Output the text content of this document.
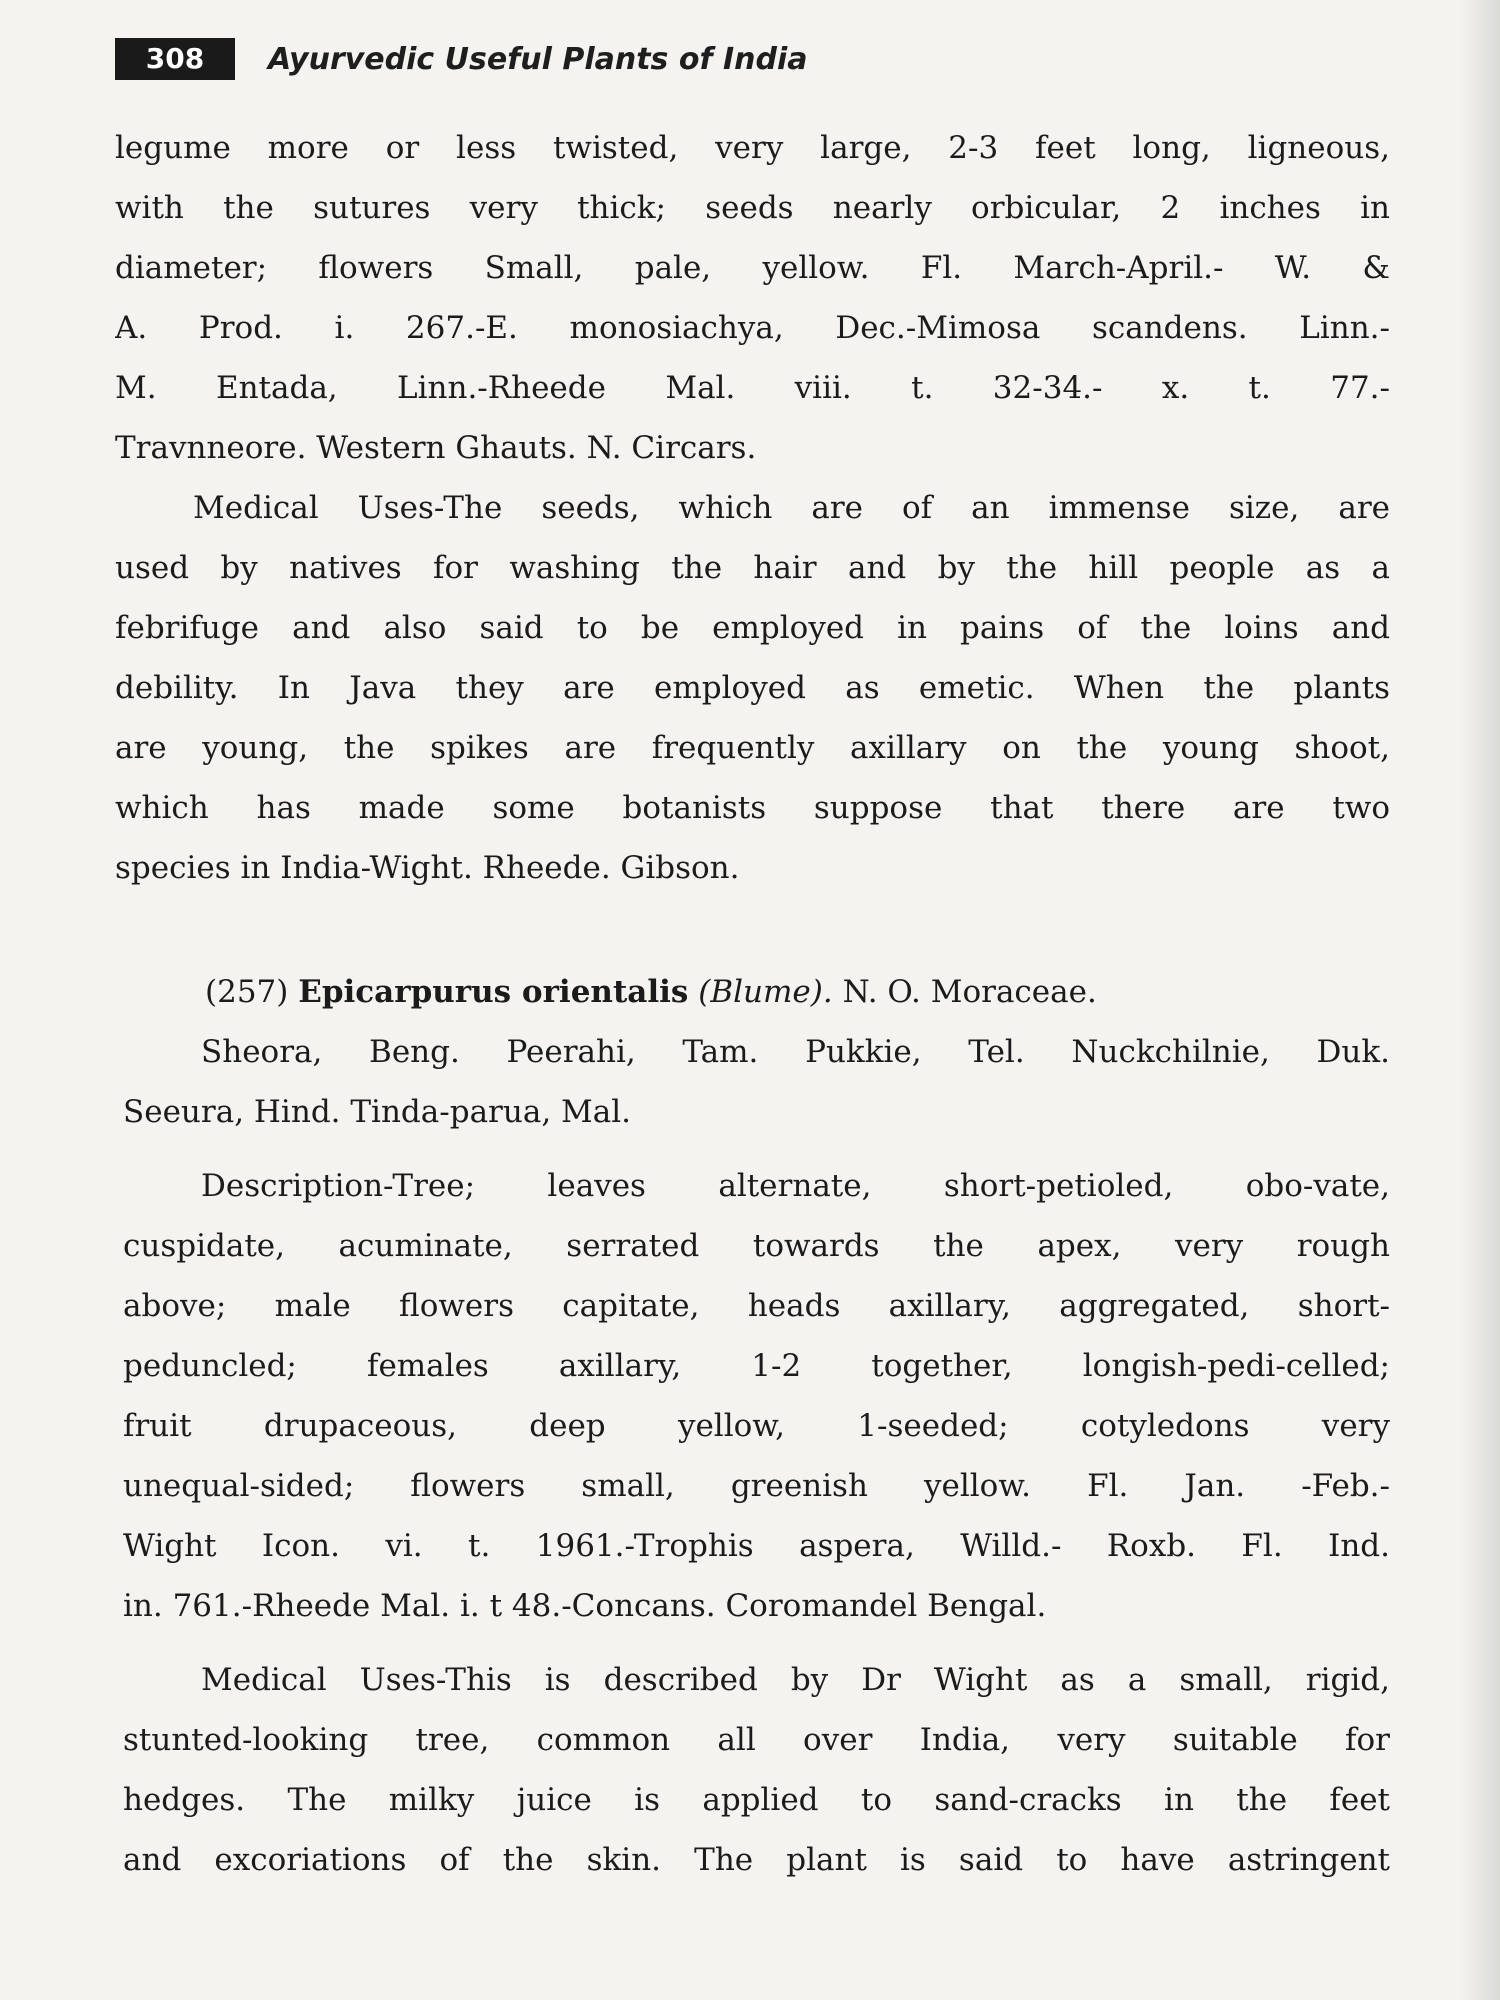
308	Ayurvedic Useful Plants of India
legume more or less twisted, very large, 2-3 feet long, ligneous,
with the sutures very thick; seeds nearly orbicular, 2 inches in
diameter; flowers Small, pale, yellow. Fl. March-April.- W. &
A. Prod. i. 267.-E. monosiachya, Dec.-Mimosa scandens. Linn.-
M. Entada, Linn.-Rheede Mal. viii. t. 32-34.- x. t. 77.-
Travnneore. Western Ghauts. N. Circars.
Medical Uses-The seeds, which are of an immense size, are
used by natives for washing the hair and by the hill people as a
febrifuge and also said to be employed in pains of the loins and
debility. In Java they are employed as emetic. When the plants
are young, the spikes are frequently axillary on the young shoot,
which has made some botanists suppose that there are two
species in India-Wight. Rheede. Gibson.
(257) Epicarpurus orientalis (Blume). N. O. Moraceae.
Sheora, Beng. Peerahi, Tam. Pukkie, Tel. Nuckchilnie, Duk.
Seeura, Hind. Tinda-parua, Mal.
Description-Tree; leaves alternate, short-petioled, obo-vate,
cuspidate, acuminate, serrated towards the apex, very rough
above; male flowers capitate, heads axillary, aggregated, short-
peduncled; females axillary, 1-2 together, longish-pedi-celled;
fruit drupaceous, deep yellow, 1-seeded; cotyledons very
unequal-sided; flowers small, greenish yellow. Fl. Jan. -Feb.-
Wight Icon. vi. t. 1961.-Trophis aspera, Willd.- Roxb. Fl. Ind.
in. 761.-Rheede Mal. i. t 48.-Concans. Coromandel Bengal.
Medical Uses-This is described by Dr Wight as a small, rigid,
stunted-looking tree, common all over India, very suitable for
hedges. The milky juice is applied to sand-cracks in the feet
and excoriations of the skin. The plant is said to have astringent
